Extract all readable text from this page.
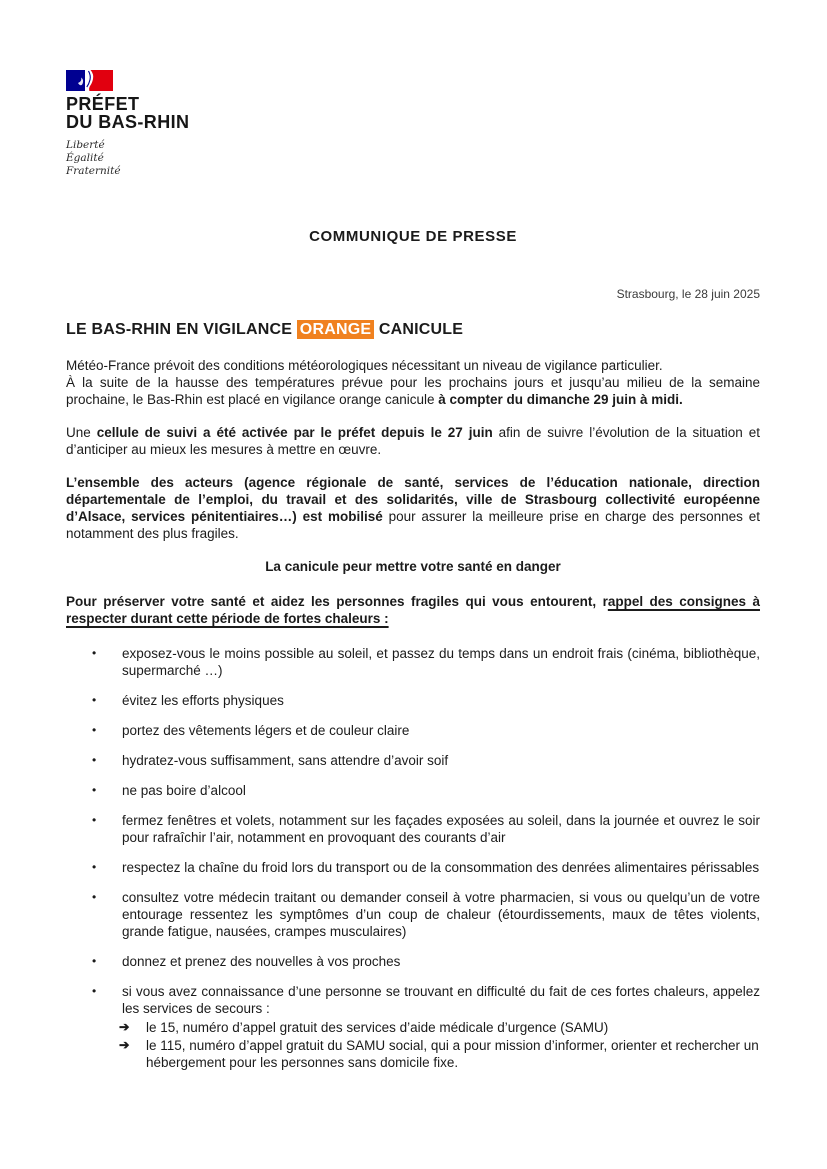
PRÉFET
DU BAS-RHIN
Liberté
Égalité
Fraternité
COMMUNIQUE DE PRESSE
Strasbourg, le 28 juin 2025
LE BAS-RHIN EN VIGILANCE ORANGE CANICULE

Météo-France prévoit des conditions météorologiques nécessitant un niveau de vigilance particulier.
À la suite de la hausse des températures prévue pour les prochains jours et jusqu’au milieu de la semaine prochaine, le Bas-Rhin est placé en vigilance orange canicule à compter du dimanche 29 juin à midi.

Une cellule de suivi a été activée par le préfet depuis le 27 juin afin de suivre l’évolution de la situation et d’anticiper au mieux les mesures à mettre en œuvre.

L’ensemble des acteurs (agence régionale de santé, services de l’éducation nationale, direction départementale de l’emploi, du travail et des solidarités, ville de Strasbourg collectivité européenne d’Alsace, services pénitentiaires…) est mobilisé pour assurer la meilleure prise en charge des personnes et notamment des plus fragiles.

La canicule peur mettre votre santé en danger

Pour préserver votre santé et aidez les personnes fragiles qui vous entourent, rappel des consignes à respecter durant cette période de fortes chaleurs :

• exposez-vous le moins possible au soleil, et passez du temps dans un endroit frais (cinéma, bibliothèque, supermarché …)
• évitez les efforts physiques
• portez des vêtements légers et de couleur claire
• hydratez-vous suffisamment, sans attendre d’avoir soif
• ne pas boire d’alcool
• fermez fenêtres et volets, notamment sur les façades exposées au soleil, dans la journée et ouvrez le soir pour rafraîchir l’air, notamment en provoquant des courants d’air
• respectez la chaîne du froid lors du transport ou de la consommation des denrées alimentaires périssables
• consultez votre médecin traitant ou demander conseil à votre pharmacien, si vous ou quelqu’un de votre entourage ressentez les symptômes d’un coup de chaleur (étourdissements, maux de têtes violents, grande fatigue, nausées, crampes musculaires)
• donnez et prenez des nouvelles à vos proches
• si vous avez connaissance d’une personne se trouvant en difficulté du fait de ces fortes chaleurs, appelez les services de secours :
➔ le 15, numéro d’appel gratuit des services d’aide médicale d’urgence (SAMU)
➔ le 115, numéro d’appel gratuit du SAMU social, qui a pour mission d’informer, orienter et rechercher un hébergement pour les personnes sans domicile fixe.
